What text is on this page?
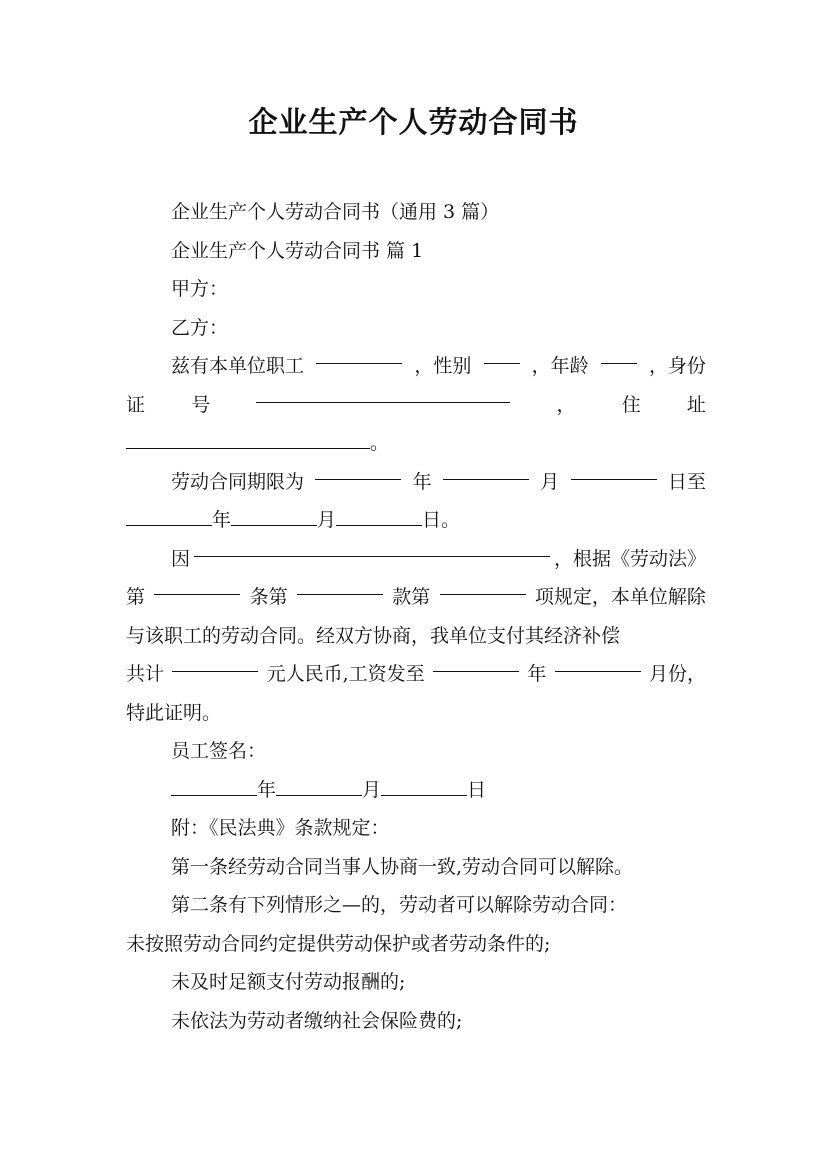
企业生产个人劳动合同书
企业生产个人劳动合同书（通用 3 篇）
企业生产个人劳动合同书 篇 1
甲方：
乙方：
兹有本单位职工	，性别	，年龄	，身份
证 号	， 住 址
。
劳动合同期限为	年	月	日至
年	月	日。
因	，根据《劳动法》
第	条第	款第	项规定，本单位解除
与该职工的劳动合同。经双方协商，我单位支付其经济补偿
共计	元人民币,工资发至	年	月份，
特此证明。
员工签名：
年	月	日
附：《民法典》条款规定：
第一条经劳动合同当事人协商一致,劳动合同可以解除。
第二条有下列情形之—的，劳动者可以解除劳动合同：
未按照劳动合同约定提供劳动保护或者劳动条件的;
未及时足额支付劳动报酬的;
未依法为劳动者缴纳社会保险费的;
